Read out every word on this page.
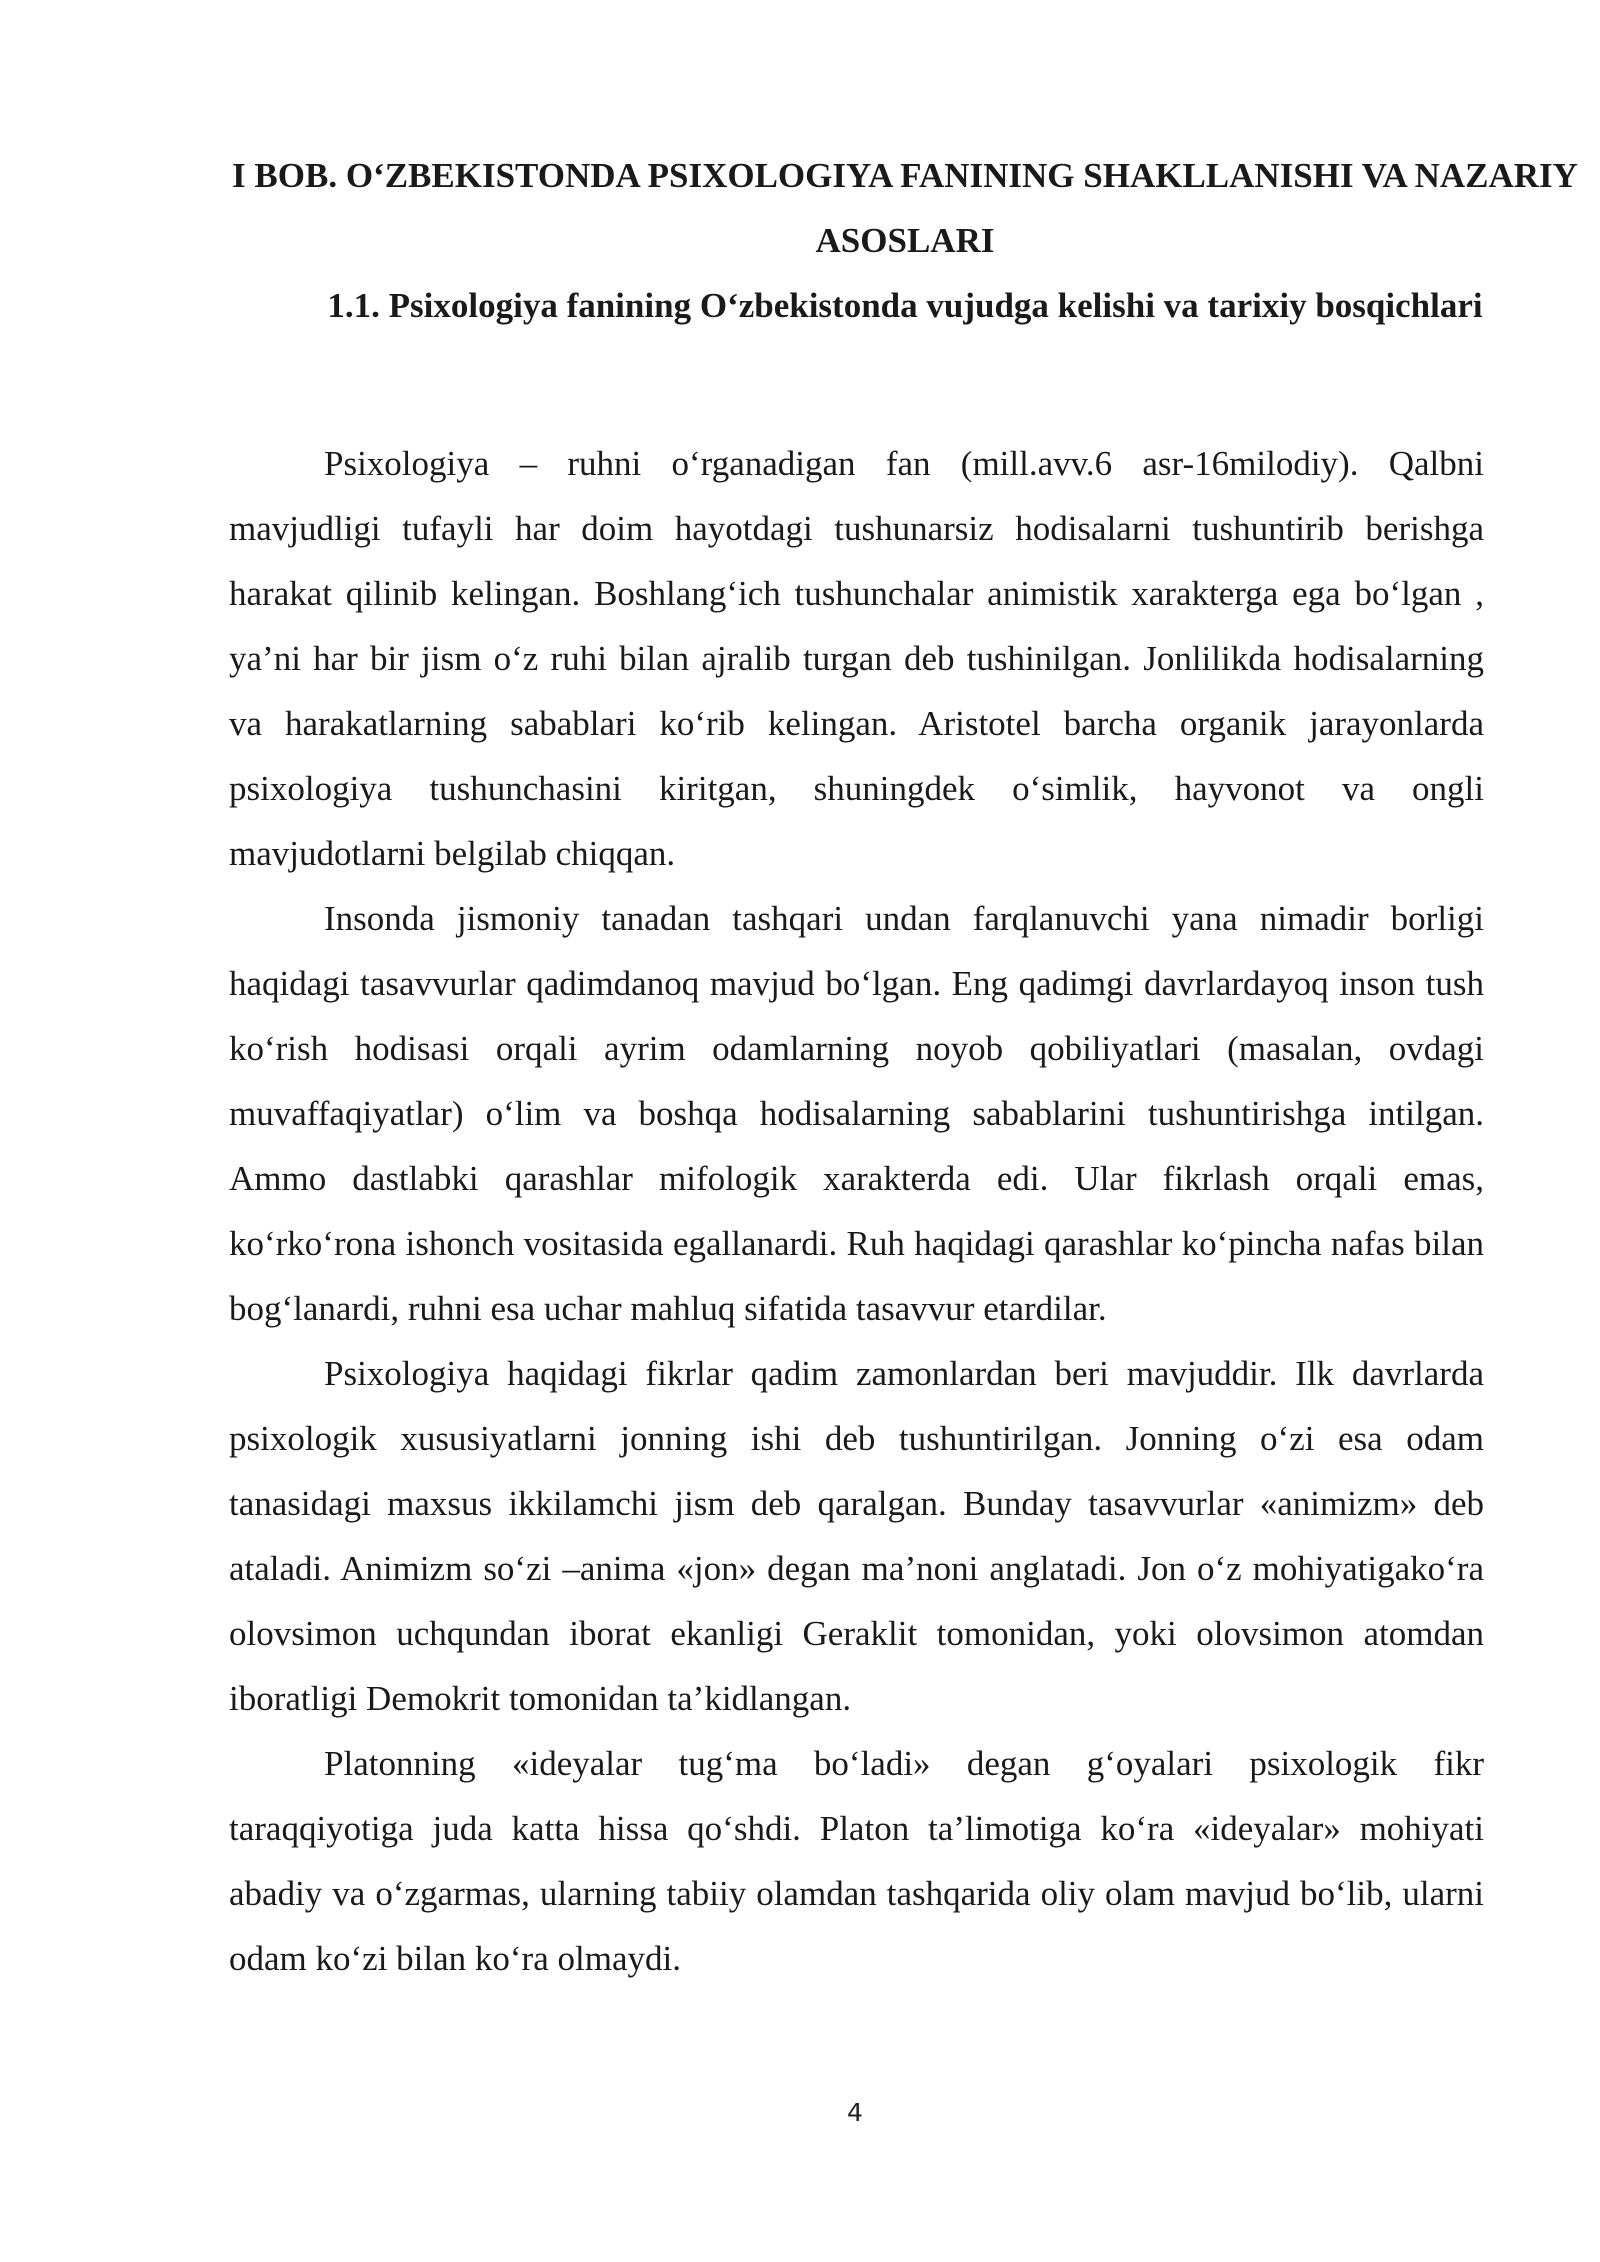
I BOB. O‘ZBEKISTONDA PSIXOLOGIYA FANINING SHAKLLANISHI VA NAZARIY ASOSLARI
1.1. Psixologiya fanining O‘zbekistonda vujudga kelishi va tarixiy bosqichlari

Psixologiya – ruhni o‘rganadigan fan (mill.avv.6 asr-16milodiy). Qalbni mavjudligi tufayli har doim hayotdagi tushunarsiz hodisalarni tushuntirib berishga harakat qilinib kelingan. Boshlang‘ich tushunchalar animistik xarakterga ega bo‘lgan , ya’ni har bir jism o‘z ruhi bilan ajralib turgan deb tushinilgan. Jonlilikda hodisalarning va harakatlarning sabablari ko‘rib kelingan. Aristotel barcha organik jarayonlarda psixologiya tushunchasini kiritgan, shuningdek o‘simlik, hayvonot va ongli mavjudotlarni belgilab chiqqan.

Insonda jismoniy tanadan tashqari undan farqlanuvchi yana nimadir borligi haqidagi tasavvurlar qadimdanoq mavjud bo‘lgan. Eng qadimgi davrlardayoq inson tush ko‘rish hodisasi orqali ayrim odamlarning noyob qobiliyatlari (masalan, ovdagi muvaffaqiyatlar) o‘lim va boshqa hodisalarning sabablarini tushuntirishga intilgan. Ammo dastlabki qarashlar mifologik xarakterda edi. Ular fikrlash orqali emas, ko‘rko‘rona ishonch vositasida egallanardi. Ruh haqidagi qarashlar ko‘pincha nafas bilan bog‘lanardi, ruhni esa uchar mahluq sifatida tasavvur etardilar.

Psixologiya haqidagi fikrlar qadim zamonlardan beri mavjuddir. Ilk davrlarda psixologik xususiyatlarni jonning ishi deb tushuntirilgan. Jonning o‘zi esa odam tanasidagi maxsus ikkilamchi jism deb qaralgan. Bunday tasavvurlar «animizm» deb ataladi. Animizm so‘zi –anima «jon» degan ma’noni anglatadi. Jon o‘z mohiyatigako‘ra olovsimon uchqundan iborat ekanligi Geraklit tomonidan, yoki olovsimon atomdan iboratligi Demokrit tomonidan ta’kidlangan.

Platonning «ideyalar tug‘ma bo‘ladi» degan g‘oyalari psixologik fikr taraqqiyotiga juda katta hissa qo‘shdi. Platon ta’limotiga ko‘ra «ideyalar» mohiyati abadiy va o‘zgarmas, ularning tabiiy olamdan tashqarida oliy olam mavjud bo‘lib, ularni odam ko‘zi bilan ko‘ra olmaydi.

4
